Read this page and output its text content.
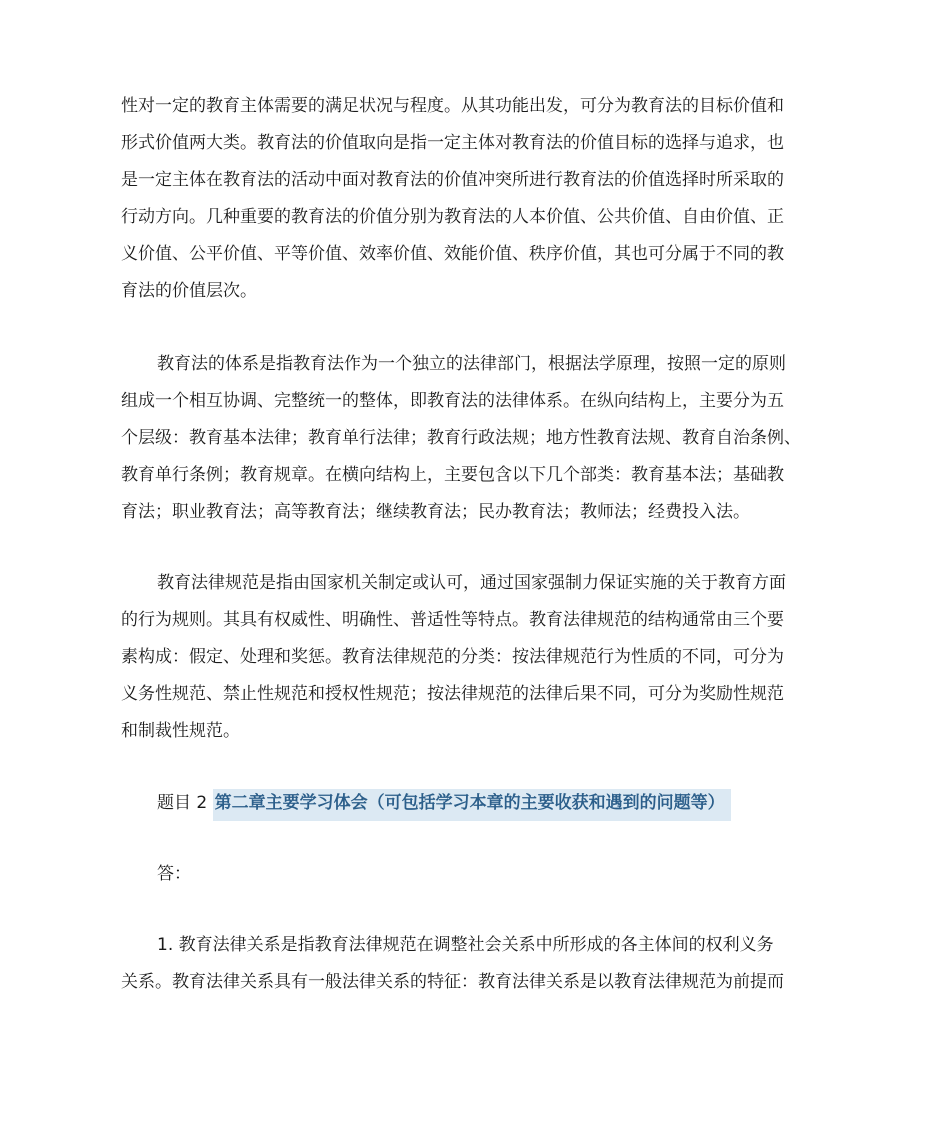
性对一定的教育主体需要的满足状况与程度。从其功能出发，可分为教育法的目标价值和
形式价值两大类。教育法的价值取向是指一定主体对教育法的价值目标的选择与追求，也
是一定主体在教育法的活动中面对教育法的价值冲突所进行教育法的价值选择时所采取的
行动方向。几种重要的教育法的价值分别为教育法的人本价值、公共价值、自由价值、正
义价值、公平价值、平等价值、效率价值、效能价值、秩序价值，其也可分属于不同的教
育法的价值层次。

教育法的体系是指教育法作为一个独立的法律部门，根据法学原理，按照一定的原则
组成一个相互协调、完整统一的整体，即教育法的法律体系。在纵向结构上，主要分为五
个层级：教育基本法律；教育单行法律；教育行政法规；地方性教育法规、教育自治条例、
教育单行条例；教育规章。在横向结构上，主要包含以下几个部类：教育基本法；基础教
育法；职业教育法；高等教育法；继续教育法；民办教育法；教师法；经费投入法。

教育法律规范是指由国家机关制定或认可，通过国家强制力保证实施的关于教育方面
的行为规则。其具有权威性、明确性、普适性等特点。教育法律规范的结构通常由三个要
素构成：假定、处理和奖惩。教育法律规范的分类：按法律规范行为性质的不同，可分为
义务性规范、禁止性规范和授权性规范；按法律规范的法律后果不同，可分为奖励性规范
和制裁性规范。

题目 2 第二章主要学习体会（可包括学习本章的主要收获和遇到的问题等）

答：

1. 教育法律关系是指教育法律规范在调整社会关系中所形成的各主体间的权利义务
关系。教育法律关系具有一般法律关系的特征：教育法律关系是以教育法律规范为前提而
